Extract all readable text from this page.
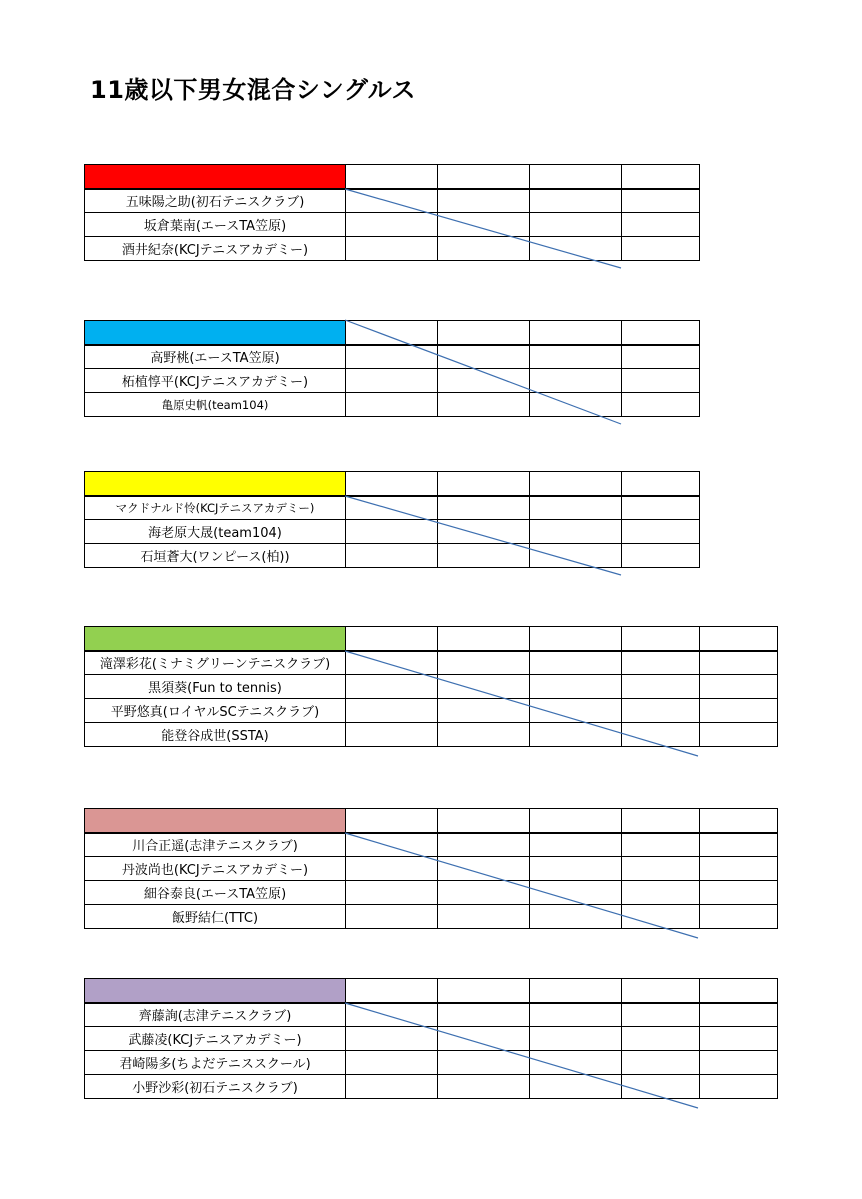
11歳以下男女混合シングルス

五味陽之助(初石テニスクラブ)				
坂倉葉南(エースTA笠原)				
酒井紀奈(KCJテニスアカデミー)				

高野桃(エースTA笠原)				
柘植惇平(KCJテニスアカデミー)				
亀原史帆(team104)				

マクドナルド怜(KCJテニスアカデミー)				
海老原大晟(team104)				
石垣蒼大(ワンピース(柏))				

滝澤彩花(ミナミグリーンテニスクラブ)					
黒須葵(Fun to tennis)					
平野悠真(ロイヤルSCテニスクラブ)					
能登谷成世(SSTA)					

川合正遥(志津テニスクラブ)					
丹波尚也(KCJテニスアカデミー)					
細谷泰良(エースTA笠原)					
飯野結仁(TTC)					

齊藤詢(志津テニスクラブ)					
武藤凌(KCJテニスアカデミー)					
君崎陽多(ちよだテニススクール)					
小野沙彩(初石テニスクラブ)					
